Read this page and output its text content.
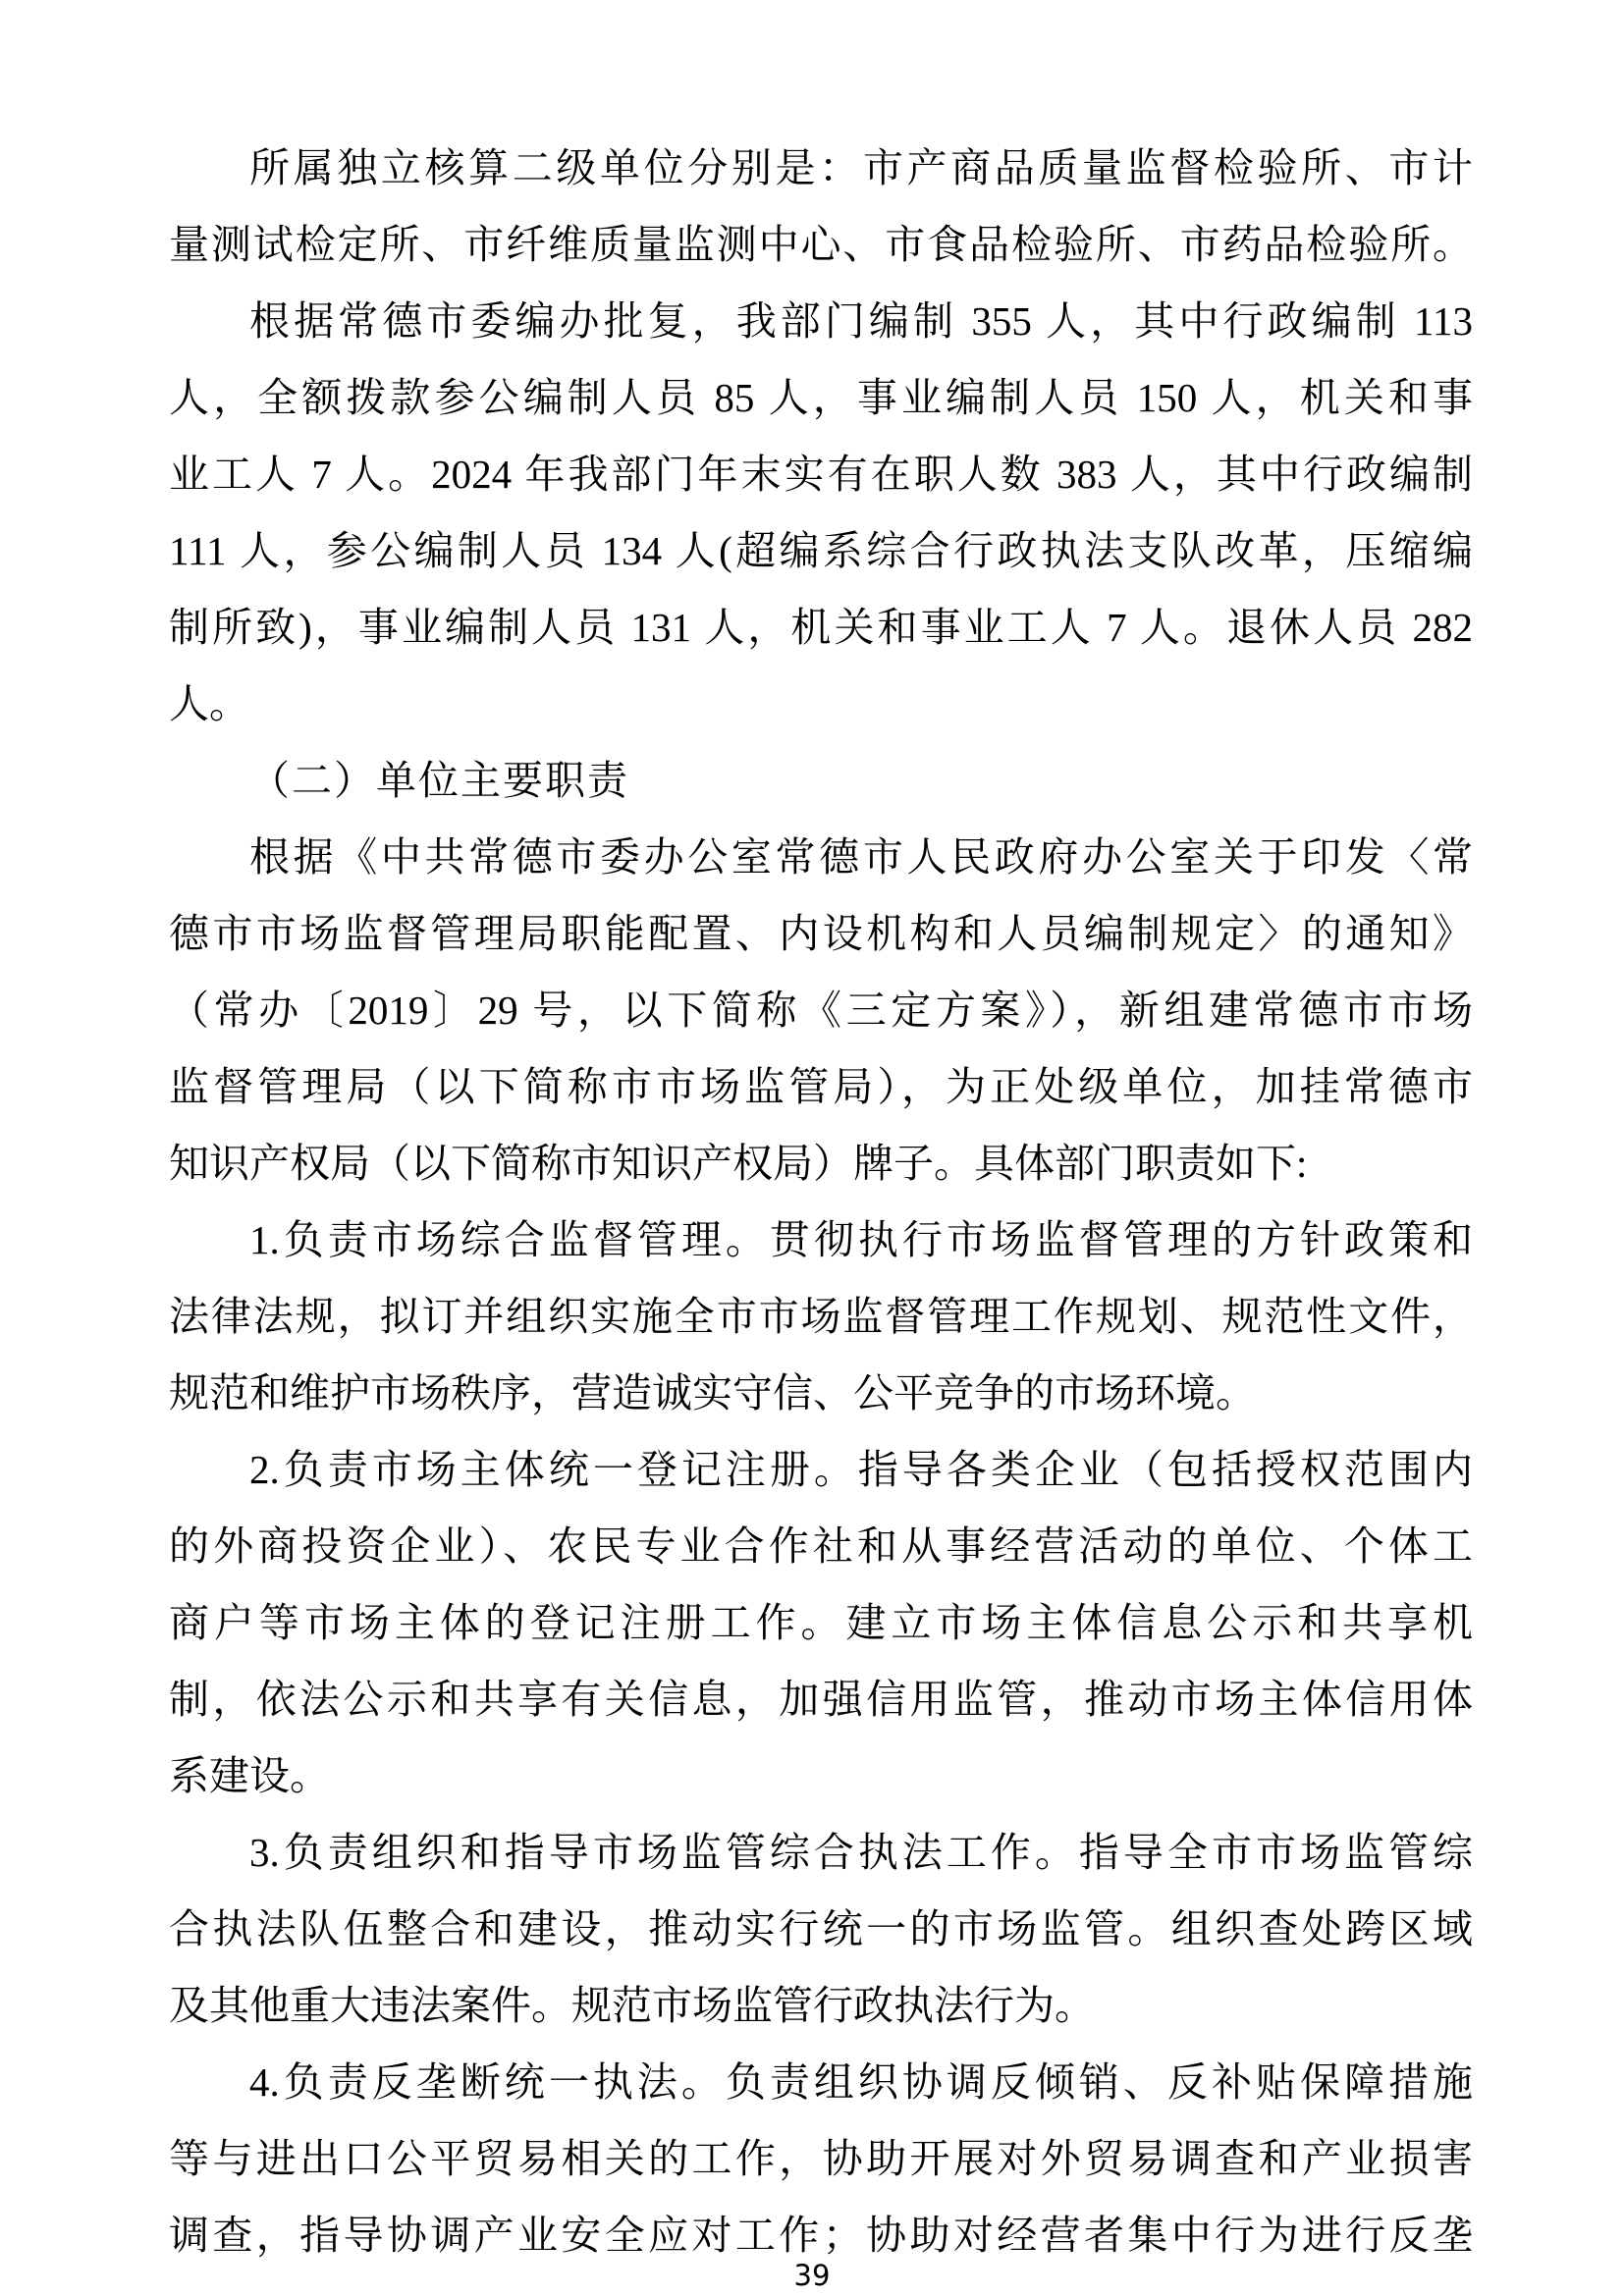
所属独立核算二级单位分别是：市产商品质量监督检验所、市计
量测试检定所、市纤维质量监测中心、市食品检验所、市药品检验所。
根据常德市委编办批复，我部门编制 355 人，其中行政编制 113
人，全额拨款参公编制人员 85 人，事业编制人员 150 人，机关和事
业工人 7 人。2024 年我部门年末实有在职人数 383 人，其中行政编制
111 人，参公编制人员 134 人(超编系综合行政执法支队改革，压缩编
制所致)，事业编制人员 131 人，机关和事业工人 7 人。退休人员 282
人。
（二）单位主要职责
根据《中共常德市委办公室常德市人民政府办公室关于印发〈常
德市市场监督管理局职能配置、内设机构和人员编制规定〉的通知》
（常办〔2019〕29 号，以下简称《三定方案》），新组建常德市市场
监督管理局（以下简称市市场监管局），为正处级单位，加挂常德市
知识产权局（以下简称市知识产权局）牌子。具体部门职责如下:
1.负责市场综合监督管理。贯彻执行市场监督管理的方针政策和
法律法规，拟订并组织实施全市市场监督管理工作规划、规范性文件，
规范和维护市场秩序，营造诚实守信、公平竞争的市场环境。
2.负责市场主体统一登记注册。指导各类企业（包括授权范围内
的外商投资企业）、农民专业合作社和从事经营活动的单位、个体工
商户等市场主体的登记注册工作。建立市场主体信息公示和共享机
制，依法公示和共享有关信息，加强信用监管，推动市场主体信用体
系建设。
3.负责组织和指导市场监管综合执法工作。指导全市市场监管综
合执法队伍整合和建设，推动实行统一的市场监管。组织查处跨区域
及其他重大违法案件。规范市场监管行政执法行为。
4.负责反垄断统一执法。负责组织协调反倾销、反补贴保障措施
等与进出口公平贸易相关的工作，协助开展对外贸易调查和产业损害
调查，指导协调产业安全应对工作；协助对经营者集中行为进行反垄
39
